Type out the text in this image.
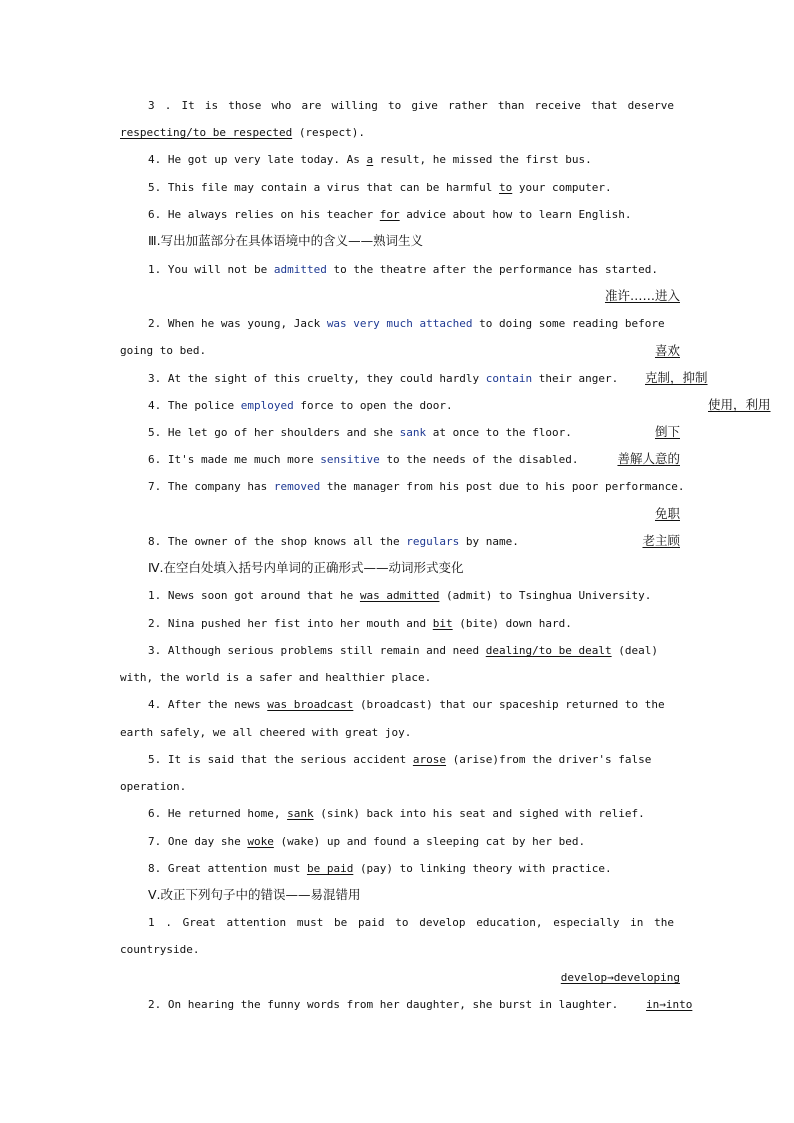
3 . It is those who are willing to give rather than receive that deserve
respecting/to be respected (respect).
4. He got up very late today. As a result, he missed the first bus.
5. This file may contain a virus that can be harmful to your computer.
6. He always relies on his teacher for advice about how to learn English.
Ⅲ.写出加蓝部分在具体语境中的含义——熟词生义
1. You will not be admitted to the theatre after the performance has started.
准许……进入
2. When he was young, Jack was very much attached to doing some reading before
going to bed.	喜欢
3. At the sight of this cruelty, they could hardly contain their anger.	克制，抑制
4. The police employed force to open the door.	使用，利用
5. He let go of her shoulders and she sank at once to the floor.	倒下
6. It's made me much more sensitive to the needs of the disabled.	善解人意的
7. The company has removed the manager from his post due to his poor performance.
免职
8. The owner of the shop knows all the regulars by name.	老主顾
Ⅳ.在空白处填入括号内单词的正确形式——动词形式变化
1. News soon got around that he was admitted (admit) to Tsinghua University.
2. Nina pushed her fist into her mouth and bit (bite) down hard.
3. Although serious problems still remain and need dealing/to be dealt (deal)
with, the world is a safer and healthier place.
4. After the news was broadcast (broadcast) that our spaceship returned to the
earth safely, we all cheered with great joy.
5. It is said that the serious accident arose (arise)from the driver's false
operation.
6. He returned home, sank (sink) back into his seat and sighed with relief.
7. One day she woke (wake) up and found a sleeping cat by her bed.
8. Great attention must be paid (pay) to linking theory with practice.
Ⅴ.改正下列句子中的错误——易混错用
1 . Great attention must be paid to develop education, especially in the
countryside.
develop→developing
2. On hearing the funny words from her daughter, she burst in laughter.	in→into
